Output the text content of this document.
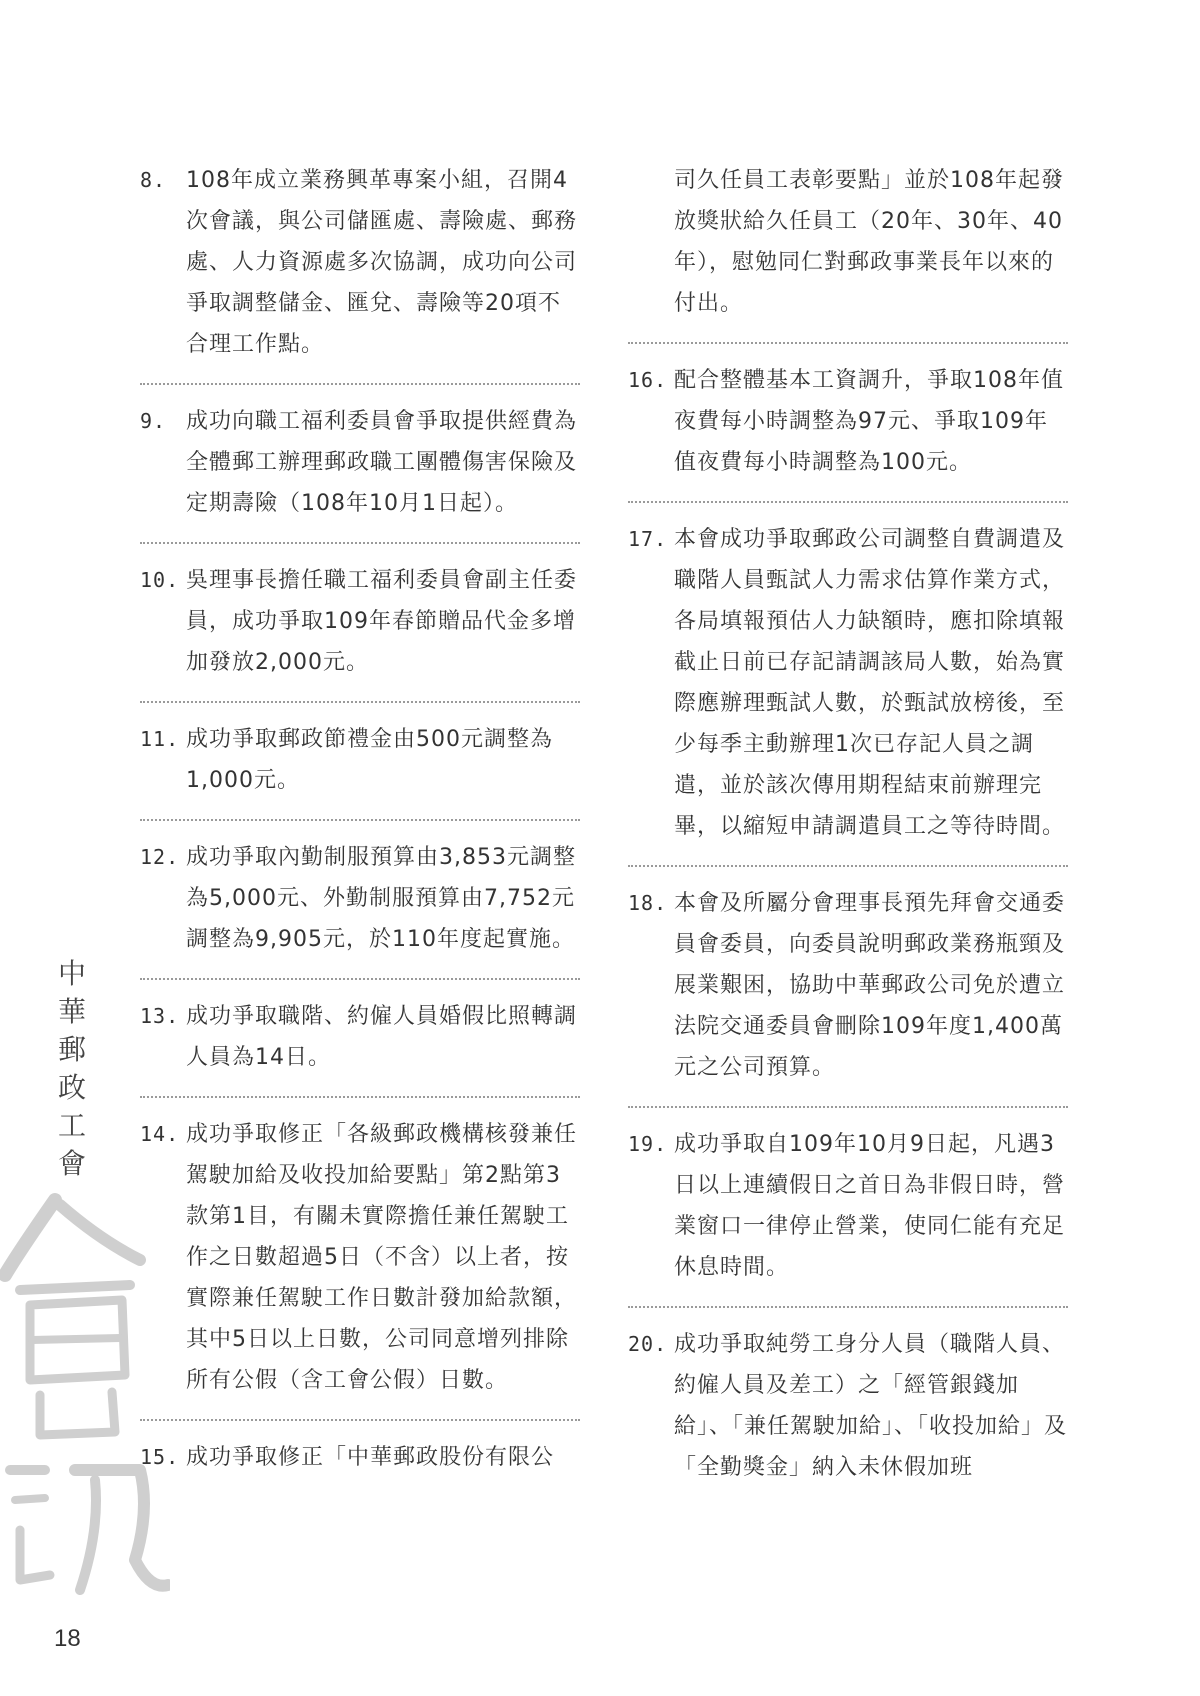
8. 108年成立業務興革專案小組，召開4次會議，與公司儲匯處、壽險處、郵務處、人力資源處多次協調，成功向公司爭取調整儲金、匯兌、壽險等20項不合理工作點。
9. 成功向職工福利委員會爭取提供經費為全體郵工辦理郵政職工團體傷害保險及定期壽險（108年10月1日起）。
10. 吳理事長擔任職工福利委員會副主任委員，成功爭取109年春節贈品代金多增加發放2,000元。
11. 成功爭取郵政節禮金由500元調整為1,000元。
12. 成功爭取內勤制服預算由3,853元調整為5,000元、外勤制服預算由7,752元調整為9,905元，於110年度起實施。
13. 成功爭取職階、約僱人員婚假比照轉調人員為14日。
14. 成功爭取修正「各級郵政機構核發兼任駕駛加給及收投加給要點」第2點第3款第1目，有關未實際擔任兼任駕駛工作之日數超過5日（不含）以上者，按實際兼任駕駛工作日數計發加給款額，其中5日以上日數，公司同意增列排除所有公假（含工會公假）日數。
15. 成功爭取修正「中華郵政股份有限公
司久任員工表彰要點」並於108年起發放獎狀給久任員工（20年、30年、40年），慰勉同仁對郵政事業長年以來的付出。
16. 配合整體基本工資調升，爭取108年值夜費每小時調整為97元、爭取109年值夜費每小時調整為100元。
17. 本會成功爭取郵政公司調整自費調遣及職階人員甄試人力需求估算作業方式，各局填報預估人力缺額時，應扣除填報截止日前已存記請調該局人數，始為實際應辦理甄試人數，於甄試放榜後，至少每季主動辦理1次已存記人員之調遣，並於該次傳用期程結束前辦理完畢，以縮短申請調遣員工之等待時間。
18. 本會及所屬分會理事長預先拜會交通委員會委員，向委員說明郵政業務瓶頸及展業艱困，協助中華郵政公司免於遭立法院交通委員會刪除109年度1,400萬元之公司預算。
19. 成功爭取自109年10月9日起，凡遇3日以上連續假日之首日為非假日時，營業窗口一律停止營業，使同仁能有充足休息時間。
20. 成功爭取純勞工身分人員（職階人員、約僱人員及差工）之「經管銀錢加給」、「兼任駕駛加給」、「收投加給」及「全勤獎金」納入未休假加班
中
華
郵
政
工
會
18
